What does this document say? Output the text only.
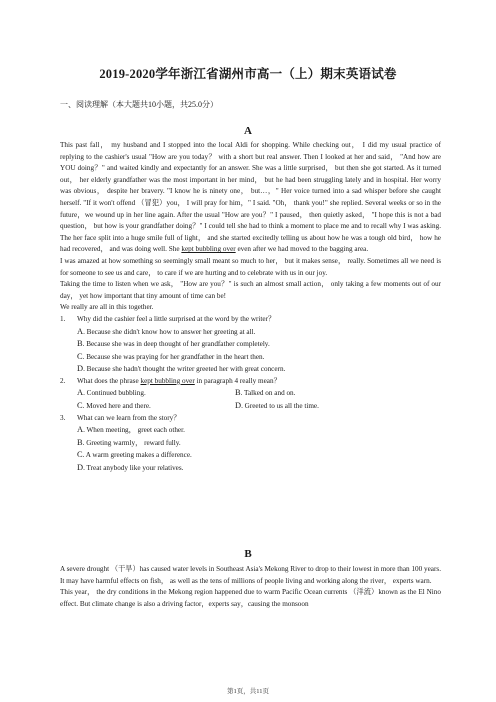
2019-2020学年浙江省湖州市高一（上）期末英语试卷
一、阅读理解（本大题共10小题，共25.0分）
A

This past fall， my husband and I stopped into the local Aldi for shopping. While checking out， I did my usual practice of replying to the cashier's usual "How are you today？ with a short but real answer. Then I looked at her and said， "And how are YOU doing？" and waited kindly and expectantly for an answer. She was a little surprised， but then she got started. As it turned out， her elderly grandfather was the most important in her mind， but he had been struggling lately and in hospital. Her worry was obvious， despite her bravery. "I know he is ninety one， but…，" Her voice turned into a sad whisper before she caught herself. "If it won't offend （冒犯）you， I will pray for him，" I said. "Oh， thank you!" she replied. Several weeks or so in the future，we wound up in her line again. After the usual "How are you？" I paused， then quietly asked， "I hope this is not a bad question， but how is your grandfather doing？" I could tell she had to think a moment to place me and to recall why I was asking. The her face split into a huge smile full of light， and she started excitedly telling us about how he was a tough old bird， how he had recovered， and was doing well. She kept bubbling over even after we had moved to the bagging area.

I was amazed at how something so seemingly small meant so much to her， but it makes sense， really. Sometimes all we need is for someone to see us and care， to care if we are hurting and to celebrate with us in our joy.

Taking the time to listen when we ask， "How are you？" is such an almost small action， only taking a few moments out of our day， yet how important that tiny amount of time can be!

We really are all in this together.

1.	Why did the cashier feel a little surprised at the word by the writer？
A. Because she didn't know how to answer her greeting at all.
B. Because she was in deep thought of her grandfather completely.
C. Because she was praying for her grandfather in the heart then.
D. Because she hadn't thought the writer greeted her with great concern.
2.	What does the phrase kept bubbling over in paragraph 4 really mean？
A. Continued bubbling.	B. Talked on and on.
C. Moved here and there.	D. Greeted to us all the time.
3.	What can we learn from the story？
A. When meeting， greet each other.
B. Greeting warmly， reward fully.
C. A warm greeting makes a difference.
D. Treat anybody like your relatives.
B

A severe drought （干旱）has caused water levels in Southeast Asia's Mekong River to drop to their lowest in more than 100 years. It may have harmful effects on fish， as well as the tens of millions of people living and working along the river， experts warn.

This year， the dry conditions in the Mekong region happened due to warm Pacific Ocean currents （洋流）known as the El Nino effect. But climate change is also a driving factor，experts say，causing the monsoon

第1页，共11页
